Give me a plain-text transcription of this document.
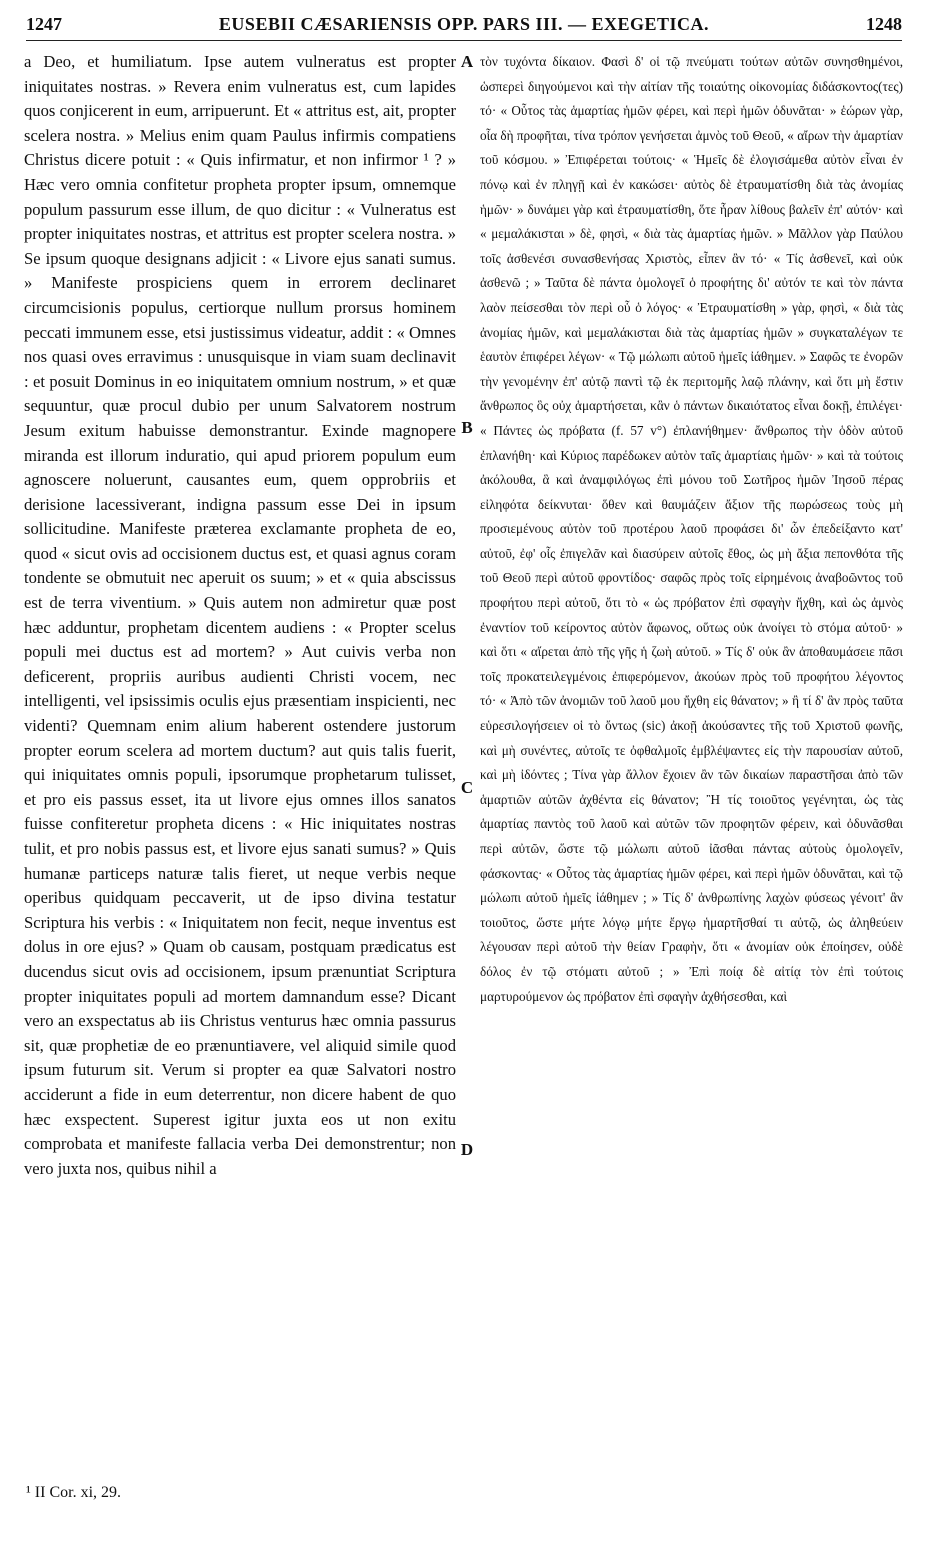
1247	EUSEBII CÆSARIENSIS OPP. PARS III. — EXEGETICA.	1248

a Deo, et humiliatum. Ipse autem vulneratus est propter iniquitates nostras. » Revera enim vulneratus est, cum lapides quos conjicerent in eum, arripuerunt. Et « attritus est, ait, propter scelera nostra. » Melius enim quam Paulus infirmis compatiens Christus dicere potuit : « Quis infirmatur, et non infirmor ¹ ? » Hæc vero omnia confitetur propheta propter ipsum, omnemque populum passurum esse illum, de quo dicitur : « Vulneratus est propter iniquitates nostras, et attritus est propter scelera nostra. » Se ipsum quoque designans adjicit : « Livore ejus sanati sumus. » Manifeste prospiciens quem in errorem declinaret circumcisionis populus, certiorque nullum prorsus hominem peccati immunem esse, etsi justissimus videatur, addit : « Omnes nos quasi oves erravimus : unusquisque in viam suam declinavit : et posuit Dominus in eo iniquitatem omnium nostrum, » et quæ sequuntur, quæ procul dubio per unum Salvatorem nostrum Jesum exitum habuisse demonstrantur. Exinde magnopere miranda est illorum induratio, qui apud priorem populum eum agnoscere noluerunt, causantes eum, quem opprobriis et derisione lacessiverant, indigna passum esse Dei in ipsum sollicitudine. Manifeste præterea exclamante propheta de eo, quod « sicut ovis ad occisionem ductus est, et quasi agnus coram tondente se obmutuit nec aperuit os suum; » et « quia abscissus est de terra viventium. » Quis autem non admiretur quæ post hæc adduntur, prophetam dicentem audiens : « Propter scelus populi mei ductus est ad mortem? » Aut cuivis verba non deficerent, propriis auribus audienti Christi vocem, nec intelligenti, vel ipsissimis oculis ejus præsentiam inspicienti, nec videnti? Quemnam enim alium haberent ostendere justorum propter eorum scelera ad mortem ductum? aut quis talis fuerit, qui iniquitates omnis populi, ipsorumque prophetarum tulisset, et pro eis passus esset, ita ut livore ejus omnes illos sanatos fuisse confiteretur propheta dicens : « Hic iniquitates nostras tulit, et pro nobis passus est, et livore ejus sanati sumus? » Quis humanæ particeps naturæ talis fieret, ut neque verbis neque operibus quidquam peccaverit, ut de ipso divina testatur Scriptura his verbis : « Iniquitatem non fecit, neque inventus est dolus in ore ejus? » Quam ob causam, postquam prædicatus est ducendus sicut ovis ad occisionem, ipsum prænuntiat Scriptura propter iniquitates populi ad mortem damnandum esse? Dicant vero an exspectatus ab iis Christus venturus hæc omnia passurus sit, quæ prophetiæ de eo prænuntiavere, vel aliquid simile quod ipsum futurum sit. Verum si propter ea quæ Salvatori nostro acciderunt a fide in eum deterrentur, non dicere habent de quo hæc exspectent. Superest igitur juxta eos ut non exitu comprobata et manifeste fallacia verba Dei demonstrentur; non vero juxta nos, quibus nihil a

A
B
C
D

τὸν τυχόντα δίκαιον. Φασὶ δ' οἱ τῷ πνεύματι τούτων αὐτῶν συνησθημένοι, ὡσπερεὶ διηγούμενοι καὶ τὴν αἰτίαν τῆς τοιαύτης οἰκονομίας διδάσκοντος(τες) τό· « Οὗτος τὰς ἁμαρτίας ἡμῶν φέρει, καὶ περὶ ἡμῶν ὀδυνᾶται· » ἑώρων γὰρ, οἷα δὴ προφῆται, τίνα τρόπον γενήσεται ἀμνὸς τοῦ Θεοῦ, « αἴρων τὴν ἁμαρτίαν τοῦ κόσμου. » Ἐπιφέρεται τούτοις· « Ἡμεῖς δὲ ἐλογισάμεθα αὐτὸν εἶναι ἐν πόνῳ καὶ ἐν πληγῇ καὶ ἐν κακώσει· αὐτὸς δὲ ἐτραυματίσθη διὰ τὰς ἀνομίας ἡμῶν· » δυνάμει γὰρ καὶ ἐτραυματίσθη, ὅτε ἦραν λίθους βαλεῖν ἐπ' αὐτόν· καὶ « μεμαλάκισται » δὲ, φησὶ, « διὰ τὰς ἁμαρτίας ἡμῶν. » Μᾶλλον γὰρ Παύλου τοῖς ἀσθενέσι συνασθενήσας Χριστὸς, εἶπεν ἂν τό· « Τίς ἀσθενεῖ, καὶ οὐκ ἀσθενῶ ; » Ταῦτα δὲ πάντα ὁμολογεῖ ὁ προφήτης δι' αὐτόν τε καὶ τὸν πάντα λαὸν πείσεσθαι τὸν περὶ οὗ ὁ λόγος· « Ἐτραυματίσθη » γὰρ, φησὶ, « διὰ τὰς ἀνομίας ἡμῶν, καὶ μεμαλάκισται διὰ τὰς ἁμαρτίας ἡμῶν » συγκαταλέγων τε ἑαυτὸν ἐπιφέρει λέγων· « Τῷ μώλωπι αὐτοῦ ἡμεῖς ἰάθημεν. » Σαφῶς τε ἐνορῶν τὴν γενομένην ἐπ' αὐτῷ παντὶ τῷ ἐκ περιτομῆς λαῷ πλάνην, καὶ ὅτι μὴ ἔστιν ἄνθρωπος ὃς οὐχ ἁμαρτήσεται, κἂν ὁ πάντων δικαιότατος εἶναι δοκῇ, ἐπιλέγει· « Πάντες ὡς πρόβατα (f. 57 v°) ἐπλανήθημεν· ἄνθρωπος τὴν ὁδὸν αὐτοῦ ἐπλανήθη· καὶ Κύριος παρέδωκεν αὐτὸν ταῖς ἁμαρτίαις ἡμῶν· » καὶ τὰ τούτοις ἀκόλουθα, ἃ καὶ ἀναμφιλόγως ἐπὶ μόνου τοῦ Σωτῆρος ἡμῶν Ἰησοῦ πέρας εἰληφότα δείκνυται· ὅθεν καὶ θαυμάζειν ἄξιον τῆς πωρώσεως τοὺς μὴ προσιεμένους αὐτὸν τοῦ προτέρου λαοῦ προφάσει δι' ὧν ἐπεδείξαντο κατ' αὐτοῦ, ἐφ' οἷς ἐπιγελᾶν καὶ διασύρειν αὐτοῖς ἔθος, ὡς μὴ ἄξια πεπονθότα τῆς τοῦ Θεοῦ περὶ αὐτοῦ φροντίδος· σαφῶς πρὸς τοῖς εἰρημένοις ἀναβοῶντος τοῦ προφήτου περὶ αὐτοῦ, ὅτι τὸ « ὡς πρόβατον ἐπὶ σφαγὴν ἤχθη, καὶ ὡς ἀμνὸς ἐναντίον τοῦ κείροντος αὐτὸν ἄφωνος, οὕτως οὐκ ἀνοίγει τὸ στόμα αὐτοῦ· » καὶ ὅτι « αἴρεται ἀπὸ τῆς γῆς ἡ ζωὴ αὐτοῦ. » Τίς δ' οὐκ ἂν ἀποθαυμάσειε πᾶσι τοῖς προκατειλεγμένοις ἐπιφερόμενον, ἀκούων πρὸς τοῦ προφήτου λέγοντος τό· « Ἀπὸ τῶν ἀνομιῶν τοῦ λαοῦ μου ἤχθη εἰς θάνατον; » ἢ τί δ' ἂν πρὸς ταῦτα εὑρεσιλογήσειεν οἱ τὸ ὄντως (sic) ἀκοῇ ἀκούσαντες τῆς τοῦ Χριστοῦ φωνῆς, καὶ μὴ συνέντες, αὐτοῖς τε ὀφθαλμοῖς ἐμβλέψαντες εἰς τὴν παρουσίαν αὐτοῦ, καὶ μὴ ἰδόντες ; Τίνα γὰρ ἄλλον ἔχοιεν ἂν τῶν δικαίων παραστῆσαι ἀπὸ τῶν ἁμαρτιῶν αὐτῶν ἀχθέντα εἰς θάνατον; Ἢ τίς τοιοῦτος γεγένηται, ὡς τὰς ἁμαρτίας παντὸς τοῦ λαοῦ καὶ αὐτῶν τῶν προφητῶν φέρειν, καὶ ὀδυνᾶσθαι περὶ αὐτῶν, ὥστε τῷ μώλωπι αὐτοῦ ἰᾶσθαι πάντας αὐτοὺς ὁμολογεῖν, φάσκοντας· « Οὗτος τὰς ἁμαρτίας ἡμῶν φέρει, καὶ περὶ ἡμῶν ὀδυνᾶται, καὶ τῷ μώλωπι αὐτοῦ ἡμεῖς ἰάθημεν ; » Τίς δ' ἀνθρωπίνης λαχὼν φύσεως γένοιτ' ἂν τοιοῦτος, ὥστε μήτε λόγῳ μήτε ἔργῳ ἡμαρτῆσθαί τι αὐτῷ, ὡς ἀληθεύειν λέγουσαν περὶ αὐτοῦ τὴν θείαν Γραφὴν, ὅτι « ἀνομίαν οὐκ ἐποίησεν, οὐδὲ δόλος ἐν τῷ στόματι αὐτοῦ ; » Ἐπὶ ποίᾳ δὲ αἰτίᾳ τὸν ἐπὶ τούτοις μαρτυρούμενον ὡς πρόβατον ἐπὶ σφαγὴν ἀχθήσεσθαι, καὶ

¹ II Cor. xi, 29.
